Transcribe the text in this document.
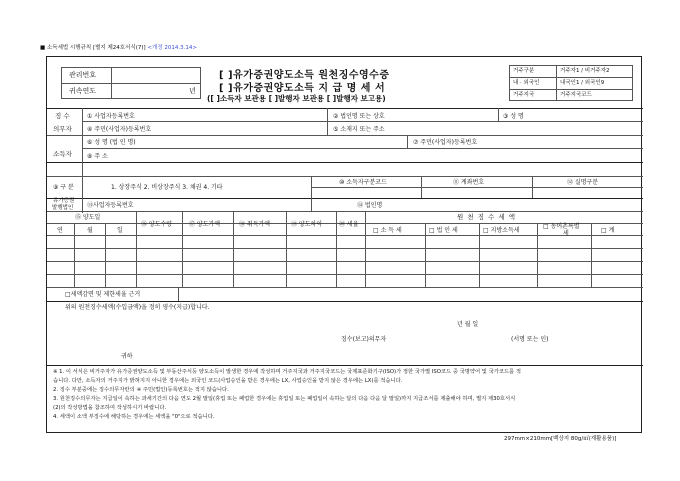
■ 소득세법 시행규칙 [별지 제24호서식(7)] <개정 2014.3.14>
관리번호
귀속연도	년
[ ]유가증권양도소득 원천징수영수증
[ ]유가증권양도소득 지 급 명 세 서
([ ]소득자 보관용 [ ]발행자 보관용 [ ]발행자 보고용)
거주구분	거주자1 / 비거주자2
내 · 외국인	내국인1 / 외국인9
거주지국	거주지국코드
징 수
의무자
① 사업자등록번호	② 법인명 또는 상호	③ 성 명
④ 주민(사업자)등록번호	⑤ 소재지 또는 주소
소득자
⑥ 성 명 (법 인 명)	⑦ 주민(사업자)등록번호
⑧ 주 소
⑨ 구 분	1. 상장주식 2. 비상장주식 3. 채권 4. 기타
⑩ 소득자구분코드	⑪ 계좌번호	⑫ 실명구분
유가증권
발행법인 ⑬사업자등록번호	⑭ 법인명
⑮ 양도일	원 천 징 수 세 액
연	월	일
⑯ 양도수량	⑰ 양도가액	⑱ 취득가액	⑲ 양도차익	⑳ 세율
□ 소 득 세	□ 법 인 세	□ 지방소득세
□ 농어촌특별
세	□ 계
□세액감면 및 제한세율 근거
위의 원천징수세액(수입금액)을 정히 영수(지급)합니다.
년 월 일
징수(보고)의무자	(서명 또는 인)
귀하
※ 1. 이 서식은 비거주자가 유가증권양도소득 및 부동산주식등 양도소득이 발생한 경우에 작성하며 거주지국과 거주지국코드는 국제표준화기구(ISO)가 정한 국가별 ISO코드 중 국명약어 및 국가코드를 적
습니다. 다만, 소득자의 거주지가 밝혀지지 아니한 경우에는 외국인 코드(사업승인을 받은 경우에는 LX, 사업승인을 받지 않은 경우에는 LX)를 적습니다.
2. 징수 부분중에는 징수의무자란의 ④ 주민(법인)등록번호는 적지 않습니다.
3. 원천징수의무자는 지급일이 속하는 과세기간의 다음 연도 2월 말일(휴업 또는 폐업한 경우에는 휴업일 또는 폐업일이 속하는 달의 다음 다음 달 말일)까지 지급조서를 제출해야 하며, 별지 제30호서식
(2)의 작성방법을 참조하여 작성하시기 바랍니다.
4. 세액이 소액 부징수에 해당하는 경우에는 세액을 "0"으로 적습니다.
297mm×210mm[백상지 80g/㎡(재활용품)]
